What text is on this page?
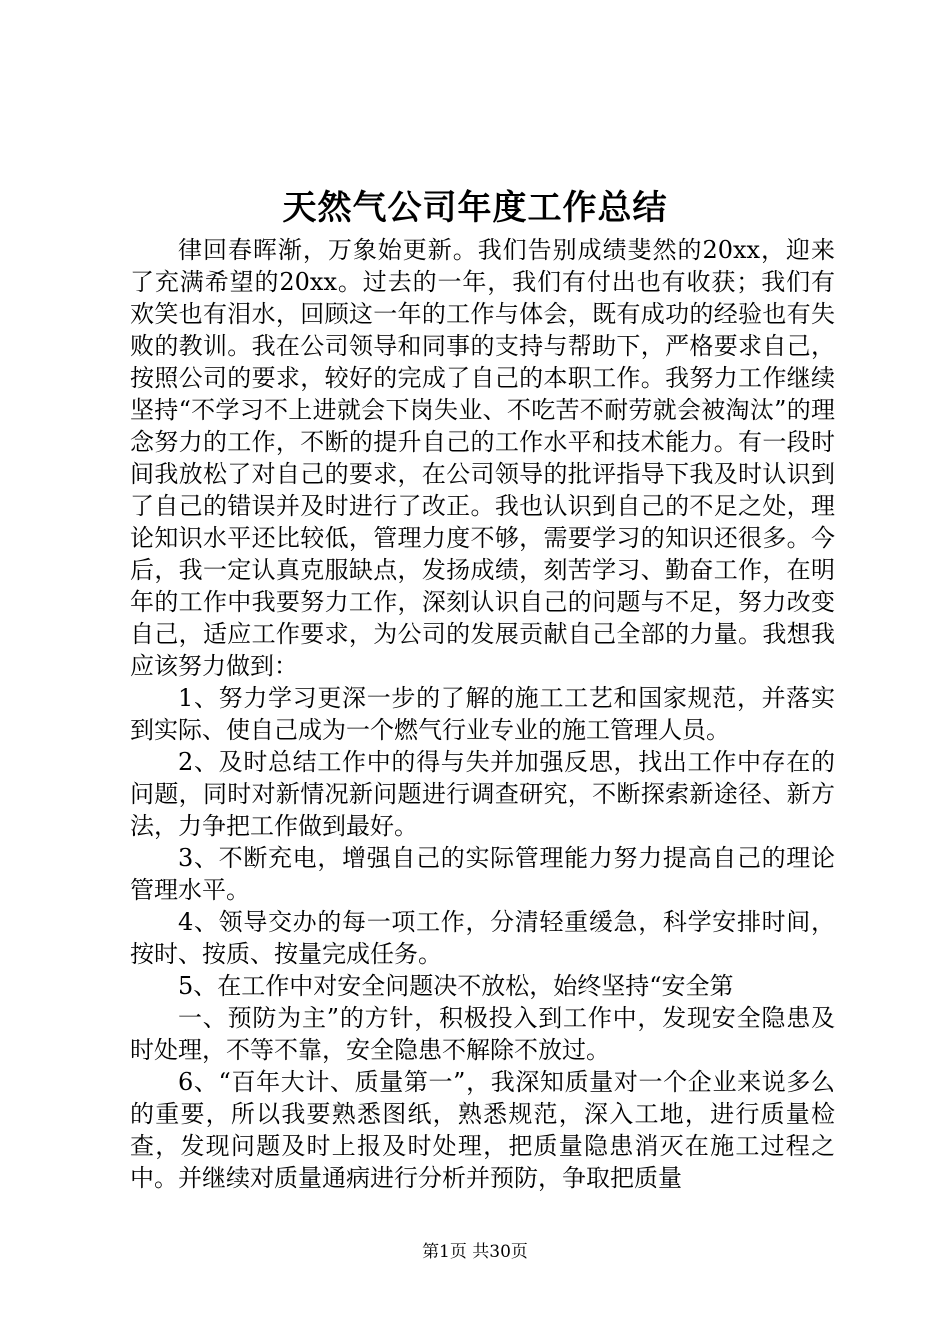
天然气公司年度工作总结

律回春晖渐，万象始更新。我们告别成绩斐然的20xx，迎来了充满希望的20xx。过去的一年，我们有付出也有收获；我们有欢笑也有泪水，回顾这一年的工作与体会，既有成功的经验也有失败的教训。我在公司领导和同事的支持与帮助下，严格要求自己，按照公司的要求，较好的完成了自己的本职工作。我努力工作继续坚持“不学习不上进就会下岗失业、不吃苦不耐劳就会被淘汰”的理念努力的工作，不断的提升自己的工作水平和技术能力。有一段时间我放松了对自己的要求，在公司领导的批评指导下我及时认识到了自己的错误并及时进行了改正。我也认识到自己的不足之处，理论知识水平还比较低，管理力度不够，需要学习的知识还很多。今后，我一定认真克服缺点，发扬成绩，刻苦学习、勤奋工作，在明年的工作中我要努力工作，深刻认识自己的问题与不足，努力改变自己，适应工作要求，为公司的发展贡献自己全部的力量。我想我应该努力做到：

1、努力学习更深一步的了解的施工工艺和国家规范，并落实到实际、使自己成为一个燃气行业专业的施工管理人员。

2、及时总结工作中的得与失并加强反思，找出工作中存在的问题，同时对新情况新问题进行调查研究，不断探索新途径、新方法，力争把工作做到最好。

3、不断充电，增强自己的实际管理能力努力提高自己的理论管理水平。

4、领导交办的每一项工作，分清轻重缓急，科学安排时间，按时、按质、按量完成任务。

5、在工作中对安全问题决不放松，始终坚持“安全第

一、预防为主”的方针，积极投入到工作中，发现安全隐患及时处理，不等不靠，安全隐患不解除不放过。

6、“百年大计、质量第一”，我深知质量对一个企业来说多么的重要，所以我要熟悉图纸，熟悉规范，深入工地，进行质量检查，发现问题及时上报及时处理，把质量隐患消灭在施工过程之中。并继续对质量通病进行分析并预防，争取把质量

第1页 共30页
